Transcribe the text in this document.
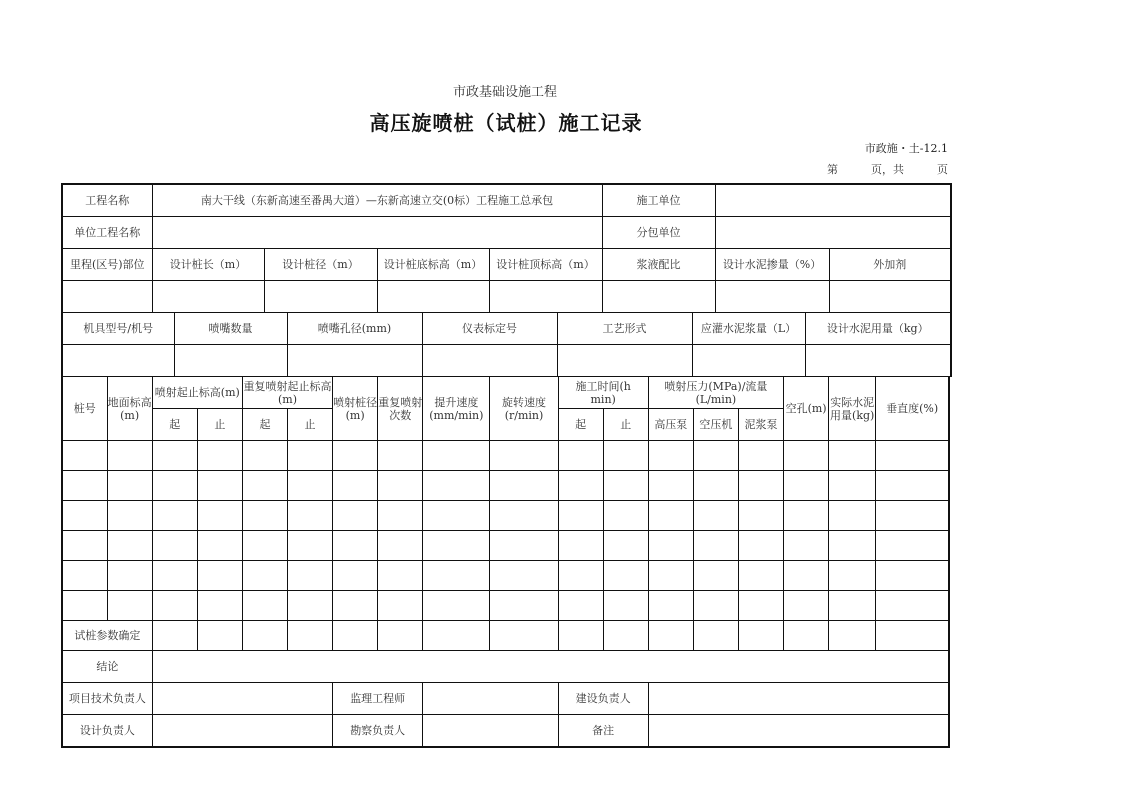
市政基础设施工程
高压旋喷桩（试桩）施工记录
市政施・土-12.1
第　　　页，共　　　页
工程名称	南大干线（东新高速至番禺大道）—东新高速立交(0标）工程施工总承包				施工单位		
单位工程名称					分包单位		
里程(区号)部位	设计桩长（m）	设计桩径（m）	设计桩底标高（m）	设计桩顶标高（m）	浆液配比	设计水泥掺量（%）	外加剂

机具型号/机号	喷嘴数量	喷嘴孔径(mm)	仪表标定号	工艺形式	应灌水泥浆量（L）	设计水泥用量（kg）

桩号	地面标高(m)	喷射起止标高(m)		重复喷射起止标高(m)		喷射桩径(m)	重复喷射次数	提升速度(mm/min)	旋转速度(r/min)	施工时间(h　min)		喷射压力(MPa)/流量(L/min)			空孔(m)	实际水泥用量(kg)	垂直度(%)
		起	止	起	止					起	止	高压泵	空压机	泥浆泵			

试桩参数确定																	
结论																	
项目技术负责人						监理工程师				建设负责人							
设计负责人						勘察负责人				备注							
